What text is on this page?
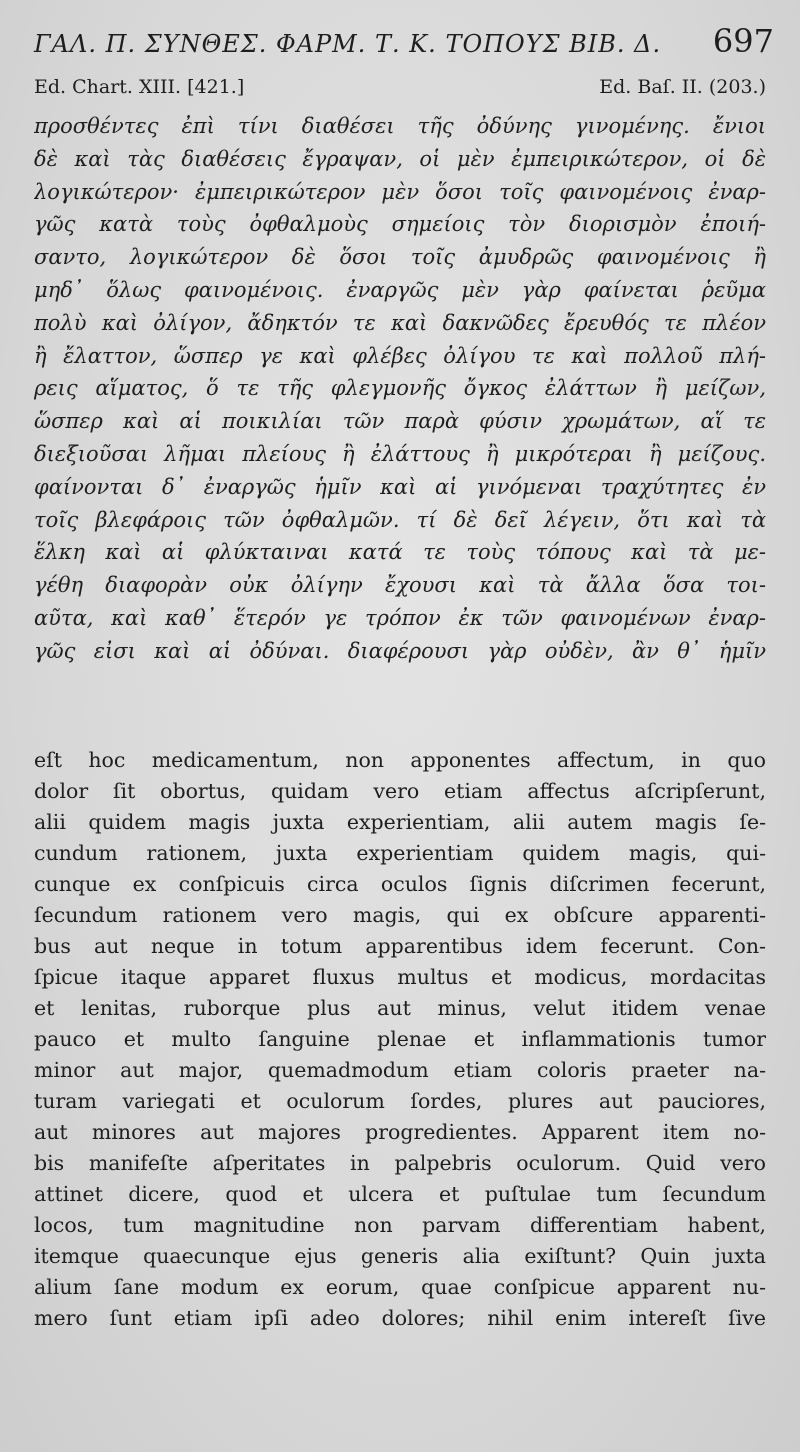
ΓΑΛ. Π. ΣΥΝΘΕΣ. ΦΑΡΜ. Τ. Κ. ΤΟΠΟΥΣ ΒΙΒ. Δ. 697
Ed. Chart. XIII. [421.]	Ed. Baſ. II. (203.)
προσθέντες ἐπὶ τίνι διαθέσει τῆς ὀδύνης γινομένης. ἔνιοι
δὲ καὶ τὰς διαθέσεις ἔγραψαν, οἱ μὲν ἐμπειρικώτερον, οἱ δὲ
λογικώτερον· ἐμπειρικώτερον μὲν ὅσοι τοῖς φαινομένοις ἐναρ-
γῶς κατὰ τοὺς ὀφθαλμοὺς σημείοις τὸν διορισμὸν ἐποιή-
σαντο, λογικώτερον δὲ ὅσοι τοῖς ἀμυδρῶς φαινομένοις ἢ
μηδ᾽ ὅλως φαινομένοις. ἐναργῶς μὲν γὰρ φαίνεται ῥεῦμα
πολὺ καὶ ὀλίγον, ἄδηκτόν τε καὶ δακνῶδες ἔρευθός τε πλέον
ἢ ἔλαττον, ὥσπερ γε καὶ φλέβες ὀλίγου τε καὶ πολλοῦ πλή-
ρεις αἵματος, ὅ τε τῆς φλεγμονῆς ὄγκος ἐλάττων ἢ μείζων,
ὥσπερ καὶ αἱ ποικιλίαι τῶν παρὰ φύσιν χρωμάτων, αἵ τε
διεξιοῦσαι λῆμαι πλείους ἢ ἐλάττους ἢ μικρότεραι ἢ μείζους.
φαίνονται δ᾽ ἐναργῶς ἡμῖν καὶ αἱ γινόμεναι τραχύτητες ἐν
τοῖς βλεφάροις τῶν ὀφθαλμῶν. τί δὲ δεῖ λέγειν, ὅτι καὶ τὰ
ἕλκη καὶ αἱ φλύκταιναι κατά τε τοὺς τόπους καὶ τὰ με-
γέθη διαφορὰν οὐκ ὀλίγην ἔχουσι καὶ τὰ ἄλλα ὅσα τοι-
αῦτα, καὶ καθ᾽ ἕτερόν γε τρόπον ἐκ τῶν φαινομένων ἐναρ-
γῶς εἰσι καὶ αἱ ὀδύναι. διαφέρουσι γὰρ οὐδὲν, ἂν θ᾽ ἡμῖν
eſt hoc medicamentum, non apponentes affectum, in quo
dolor ſit obortus, quidam vero etiam affectus aſcripſerunt,
alii quidem magis juxta experientiam, alii autem magis ſe-
cundum rationem, juxta experientiam quidem magis, qui-
cunque ex conſpicuis circa oculos ſignis diſcrimen fecerunt,
ſecundum rationem vero magis, qui ex obſcure apparenti-
bus aut neque in totum apparentibus idem fecerunt. Con-
ſpicue itaque apparet fluxus multus et modicus, mordacitas
et lenitas, ruborque plus aut minus, velut itidem venae
pauco et multo ſanguine plenae et inflammationis tumor
minor aut major, quemadmodum etiam coloris praeter na-
turam variegati et oculorum ſordes, plures aut pauciores,
aut minores aut majores progredientes. Apparent item no-
bis manifeſte aſperitates in palpebris oculorum. Quid vero
attinet dicere, quod et ulcera et puſtulae tum ſecundum
locos, tum magnitudine non parvam differentiam habent,
itemque quaecunque ejus generis alia exiſtunt? Quin juxta
alium ſane modum ex eorum, quae conſpicue apparent nu-
mero ſunt etiam ipſi adeo dolores; nihil enim intereſt ſive
